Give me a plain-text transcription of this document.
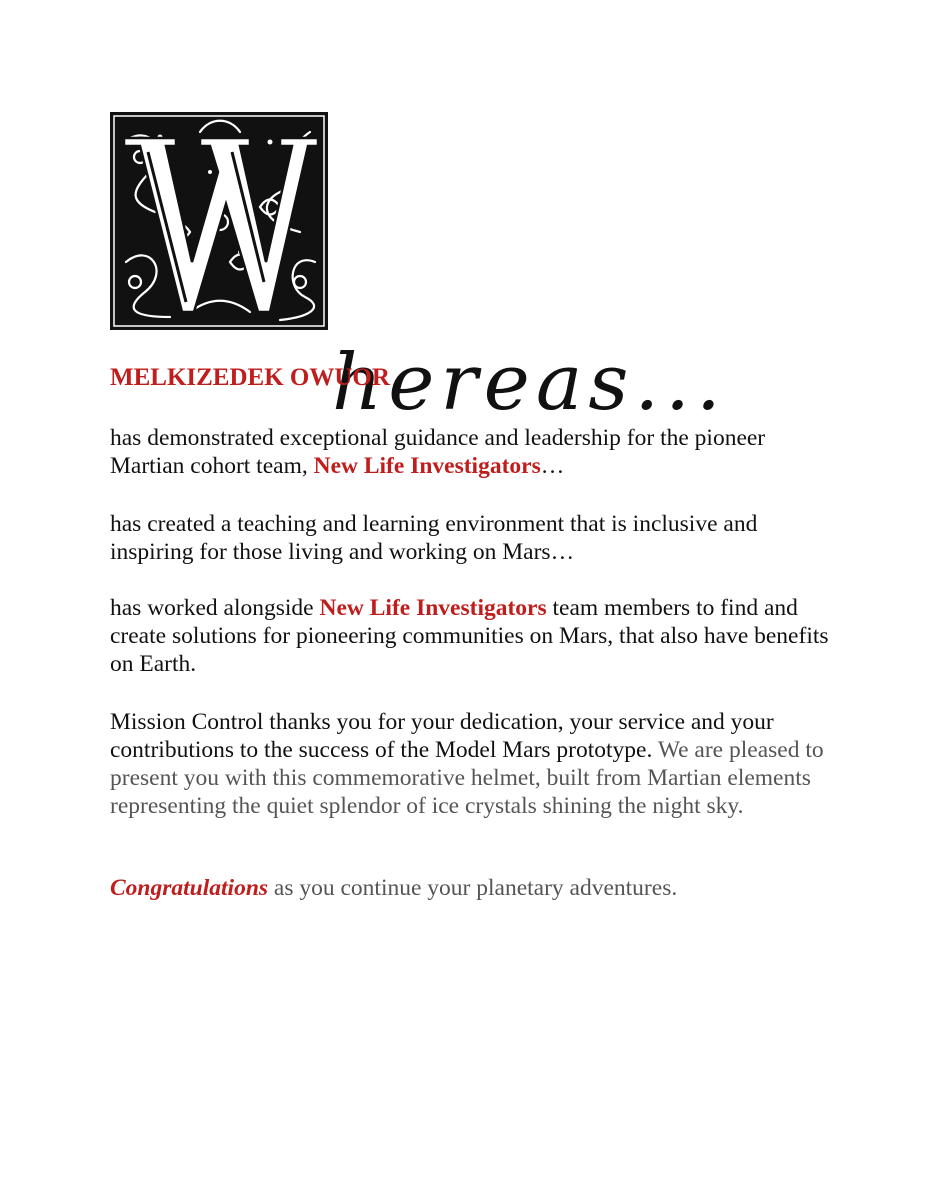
hereas...
MELKIZEDEK OWUOR

has demonstrated exceptional guidance and leadership for the pioneer Martian cohort team, New Life Investigators…

has created a teaching and learning environment that is inclusive and inspiring for those living and working on Mars…

has worked alongside New Life Investigators team members to find and create solutions for pioneering communities on Mars, that also have benefits on Earth.

Mission Control thanks you for your dedication, your service and your contributions to the success of the Model Mars prototype. We are pleased to present you with this commemorative helmet, built from Martian elements representing the quiet splendor of ice crystals shining the night sky.

Congratulations as you continue your planetary adventures.
